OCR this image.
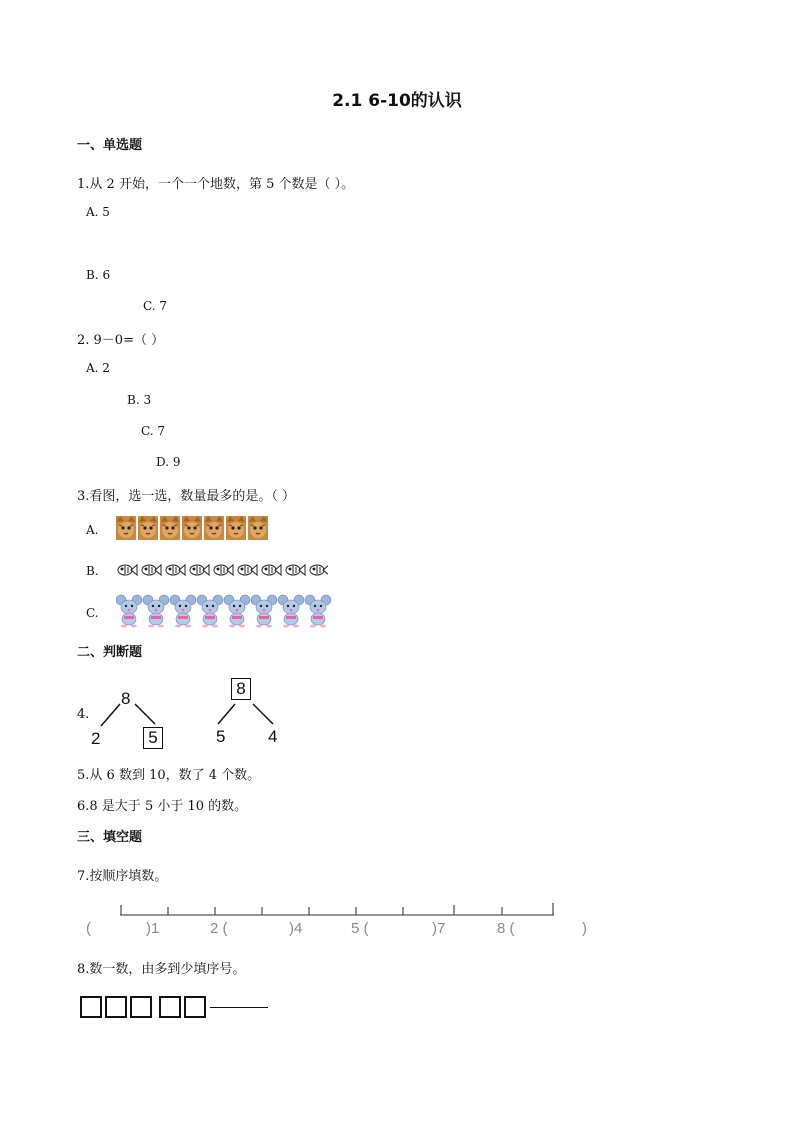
2.1 6-10的认识
一、单选题
1.从 2 开始，一个一个地数，第 5 个数是（ ）。
A. 5
B. 6
C. 7
2. 9－0=（ ）
A. 2
B. 3
C. 7
D. 9
3.看图，选一选，数量最多的是。（ ）
A.
B.
C.
二、判断题
4.
8
2	5
8
5	4
5.从 6 数到 10，数了 4 个数。
6.8 是大于 5 小于 10 的数。
三、填空题
7.按顺序填数。
(	)1	2 (	)4	5 (	)7	8 (	)
8.数一数，由多到少填序号。
